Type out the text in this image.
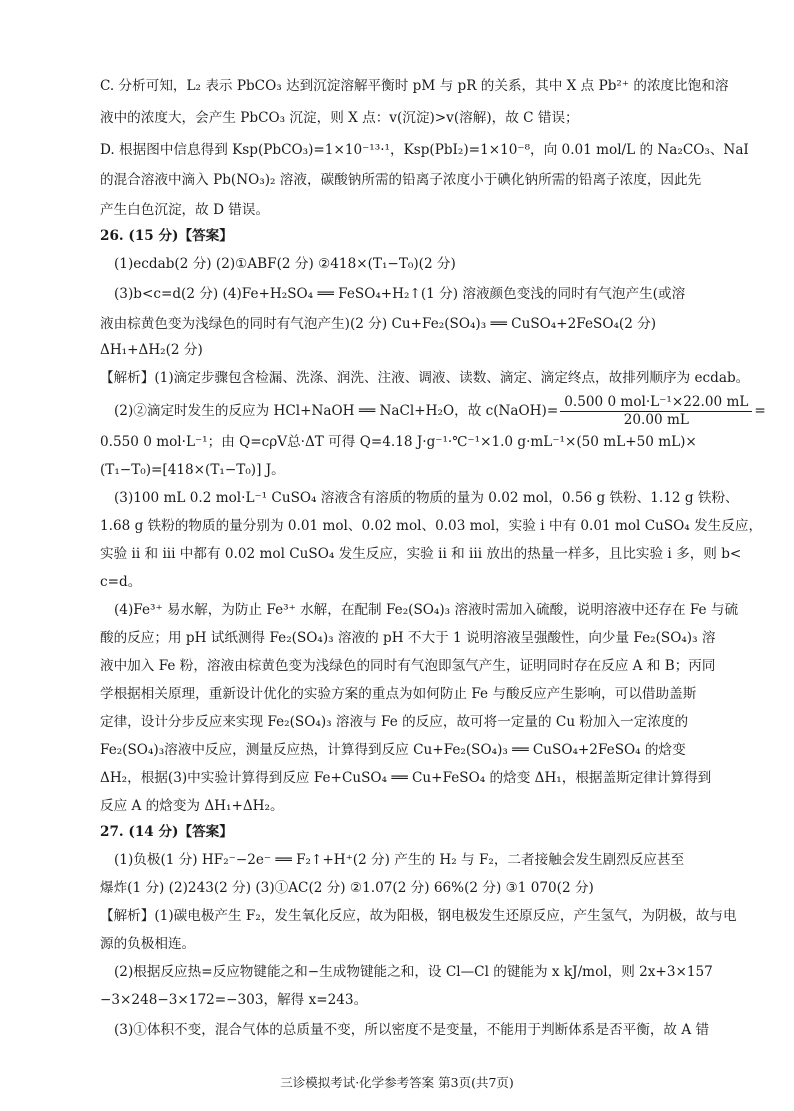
C. 分析可知，L₂ 表示 PbCO₃ 达到沉淀溶解平衡时 pM 与 pR 的关系，其中 X 点 Pb²⁺ 的浓度比饱和溶
液中的浓度大，会产生 PbCO₃ 沉淀，则 X 点：v(沉淀)>v(溶解)，故 C 错误；
D. 根据图中信息得到 Ksp(PbCO₃)=1×10⁻¹³·¹，Ksp(PbI₂)=1×10⁻⁸，向 0.01 mol/L 的 Na₂CO₃、NaI
的混合溶液中滴入 Pb(NO₃)₂ 溶液，碳酸钠所需的铅离子浓度小于碘化钠所需的铅离子浓度，因此先
产生白色沉淀，故 D 错误。
26. (15 分)【答案】
(1)ecdab(2 分) (2)①ABF(2 分) ②418×(T₁−T₀)(2 分)
(3)b<c=d(2 分) (4)Fe+H₂SO₄ ══ FeSO₄+H₂↑(1 分) 溶液颜色变浅的同时有气泡产生(或溶
液由棕黄色变为浅绿色的同时有气泡产生)(2 分) Cu+Fe₂(SO₄)₃ ══ CuSO₄+2FeSO₄(2 分)
ΔH₁+ΔH₂(2 分)
【解析】(1)滴定步骤包含检漏、洗涤、润洗、注液、调液、读数、滴定、滴定终点，故排列顺序为 ecdab。
(2)②滴定时发生的反应为 HCl+NaOH ══ NaCl+H₂O，故 c(NaOH)= $\frac{\text{0.500 0 mol·L⁻¹×22.00 mL}}{20.00 mL}$ =
0.550 0 mol·L⁻¹；由 Q=cρV总·ΔT 可得 Q=4.18 J·g⁻¹·℃⁻¹×1.0 g·mL⁻¹×(50 mL+50 mL)×
(T₁−T₀)=[418×(T₁−T₀)] J。
(3)100 mL 0.2 mol·L⁻¹ CuSO₄ 溶液含有溶质的物质的量为 0.02 mol，0.56 g 铁粉、1.12 g 铁粉、
1.68 g 铁粉的物质的量分别为 0.01 mol、0.02 mol、0.03 mol，实验 i 中有 0.01 mol CuSO₄ 发生反应，
实验 ii 和 iii 中都有 0.02 mol CuSO₄ 发生反应，实验 ii 和 iii 放出的热量一样多，且比实验 i 多，则 b<
c=d。
(4)Fe³⁺ 易水解，为防止 Fe³⁺ 水解，在配制 Fe₂(SO₄)₃ 溶液时需加入硫酸，说明溶液中还存在 Fe 与硫
酸的反应；用 pH 试纸测得 Fe₂(SO₄)₃ 溶液的 pH 不大于 1 说明溶液呈强酸性，向少量 Fe₂(SO₄)₃ 溶
液中加入 Fe 粉，溶液由棕黄色变为浅绿色的同时有气泡即氢气产生，证明同时存在反应 A 和 B；丙同
学根据相关原理，重新设计优化的实验方案的重点为如何防止 Fe 与酸反应产生影响，可以借助盖斯
定律，设计分步反应来实现 Fe₂(SO₄)₃ 溶液与 Fe 的反应，故可将一定量的 Cu 粉加入一定浓度的
Fe₂(SO₄)₃溶液中反应，测量反应热，计算得到反应 Cu+Fe₂(SO₄)₃ ══ CuSO₄+2FeSO₄ 的焓变
ΔH₂，根据(3)中实验计算得到反应 Fe+CuSO₄ ══ Cu+FeSO₄ 的焓变 ΔH₁，根据盖斯定律计算得到
反应 A 的焓变为 ΔH₁+ΔH₂。
27. (14 分)【答案】
(1)负极(1 分) HF₂⁻−2e⁻ ══ F₂↑+H⁺(2 分) 产生的 H₂ 与 F₂，二者接触会发生剧烈反应甚至
爆炸(1 分) (2)243(2 分) (3)①AC(2 分) ②1.07(2 分) 66%(2 分) ③1 070(2 分)
【解析】(1)碳电极产生 F₂，发生氧化反应，故为阳极，钢电极发生还原反应，产生氢气，为阴极，故与电
源的负极相连。
(2)根据反应热=反应物键能之和−生成物键能之和，设 Cl—Cl 的键能为 x kJ/mol，则 2x+3×157
−3×248−3×172=−303，解得 x=243。
(3)①体积不变，混合气体的总质量不变，所以密度不是变量，不能用于判断体系是否平衡，故 A 错
三诊模拟考试·化学参考答案 第3页(共7页)
